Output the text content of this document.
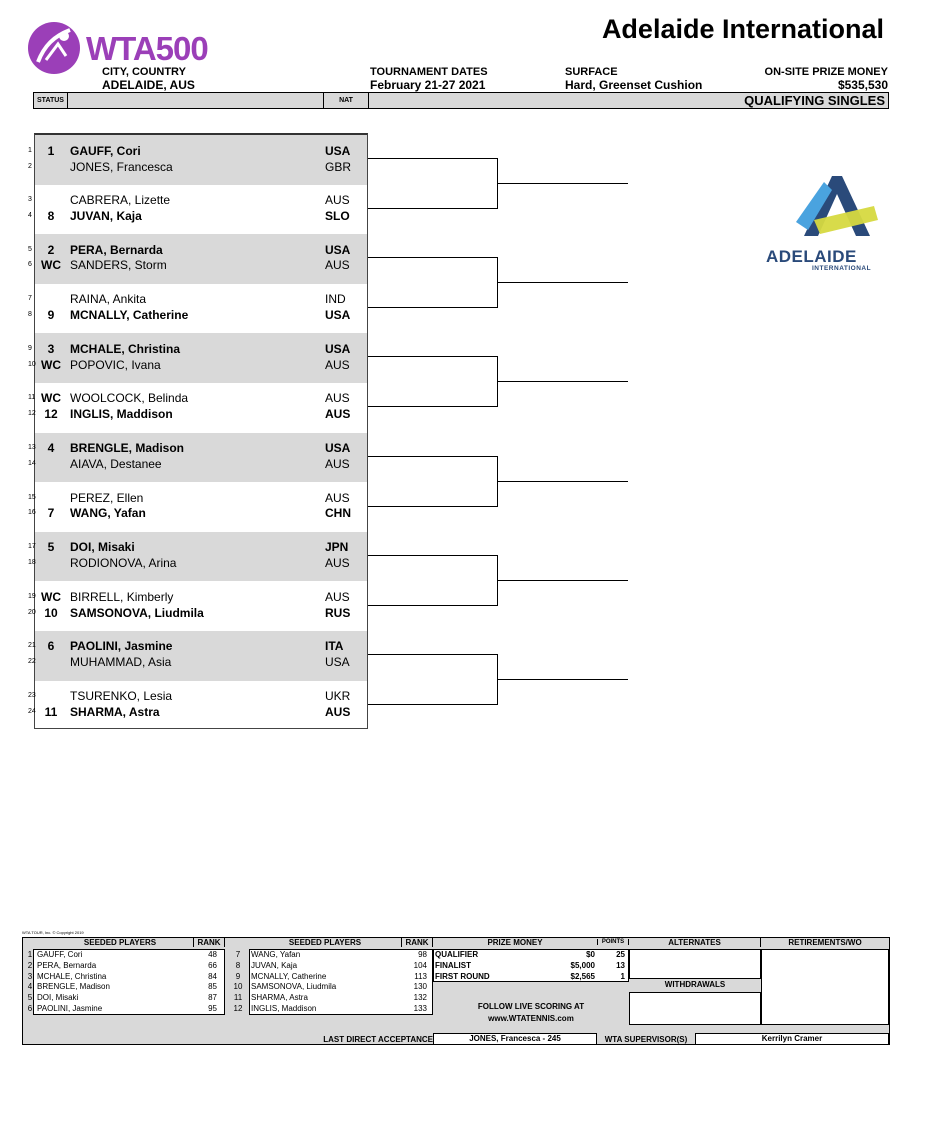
WTA500
Adelaide International
CITY, COUNTRY
ADELAIDE, AUS
TOURNAMENT DATES
February 21-27 2021
SURFACE
Hard, Greenset Cushion
ON-SITE PRIZE MONEY
$535,530
STATUS	NAT	QUALIFYING SINGLES
1	1	GAUFF, Cori	USA
2	JONES, Francesca	GBR
3	CABRERA, Lizette	AUS
4	8	JUVAN, Kaja	SLO
5	2	PERA, Bernarda	USA
6 WC SANDERS, Storm	AUS
7	RAINA, Ankita	IND
8	9	MCNALLY, Catherine	USA
9	3	MCHALE, Christina	USA
10 WC POPOVIC, Ivana	AUS
11 WC WOOLCOCK, Belinda	AUS
12 12	INGLIS, Maddison	AUS
13 4	BRENGLE, Madison	USA
14	AIAVA, Destanee	AUS
15	PEREZ, Ellen	AUS
16 7	WANG, Yafan	CHN
17 5	DOI, Misaki	JPN
18	RODIONOVA, Arina	AUS
19 WC BIRRELL, Kimberly	AUS
20 10	SAMSONOVA, Liudmila	RUS
21 6	PAOLINI, Jasmine	ITA
22	MUHAMMAD, Asia	USA
23	TSURENKO, Lesia	UKR
24 11	SHARMA, Astra	AUS
ADELAIDE
INTERNATIONAL
WTA TOUR, Inc. © Copyright 2019
SEEDED PLAYERS	RANK	SEEDED PLAYERS	RANK	PRIZE MONEY	POINTS	ALTERNATES	RETIREMENTS/WO
WITHDRAWALS
1 GAUFF, Cori	48
2 PERA, Bernarda	66
3 MCHALE, Christina	84
4 BRENGLE, Madison	85
5 DOI, Misaki	87
6 PAOLINI, Jasmine	95
7	WANG, Yafan	98
8	JUVAN, Kaja	104
9	MCNALLY, Catherine	113
10	SAMSONOVA, Liudmila	130
11	SHARMA, Astra	132
12	INGLIS, Maddison	133
QUALIFIER	$0	25
FINALIST	$5,000	13
FIRST ROUND	$2,565	1
FOLLOW LIVE SCORING AT
www.WTATENNIS.com
LAST DIRECT ACCEPTANCE	JONES, Francesca - 245	WTA SUPERVISOR(S)	Kerrilyn Cramer
